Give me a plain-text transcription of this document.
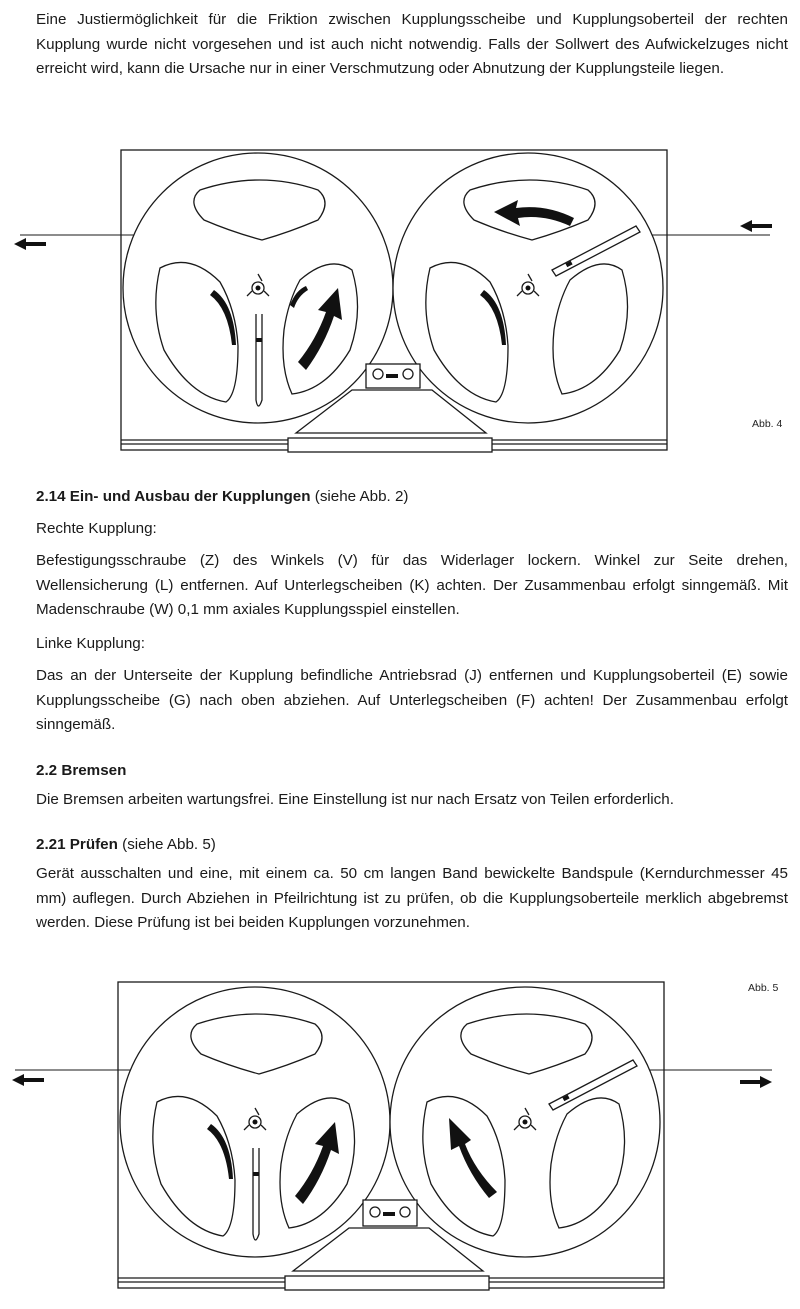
Eine Justiermöglichkeit für die Friktion zwischen Kupplungsscheibe und Kupplungsoberteil der rechten Kupplung wurde nicht vorgesehen und ist auch nicht notwendig. Falls der Sollwert des Aufwickelzuges nicht erreicht wird, kann die Ursache nur in einer Verschmutzung oder Abnutzung der Kupplungsteile liegen.

Abb. 4
2.14 Ein- und Ausbau der Kupplungen (siehe Abb. 2)

Rechte Kupplung:

Befestigungsschraube (Z) des Winkels (V) für das Widerlager lockern. Winkel zur Seite drehen, Wellensicherung (L) entfernen. Auf Unterlegscheiben (K) achten. Der Zusammenbau erfolgt sinngemäß. Mit Madenschraube (W) 0,1 mm axiales Kupplungsspiel einstellen.

Linke Kupplung:

Das an der Unterseite der Kupplung befindliche Antriebsrad (J) entfernen und Kupplungsoberteil (E) sowie Kupplungsscheibe (G) nach oben abziehen. Auf Unterlegscheiben (F) achten! Der Zusammenbau erfolgt sinngemäß.

2.2 Bremsen

Die Bremsen arbeiten wartungsfrei. Eine Einstellung ist nur nach Ersatz von Teilen erforderlich.

2.21 Prüfen (siehe Abb. 5)

Gerät ausschalten und eine, mit einem ca. 50 cm langen Band bewickelte Bandspule (Kerndurchmesser 45 mm) auflegen. Durch Abziehen in Pfeilrichtung ist zu prüfen, ob die Kupplungsoberteile merklich abgebremst werden. Diese Prüfung ist bei beiden Kupplungen vorzunehmen.

Abb. 5
